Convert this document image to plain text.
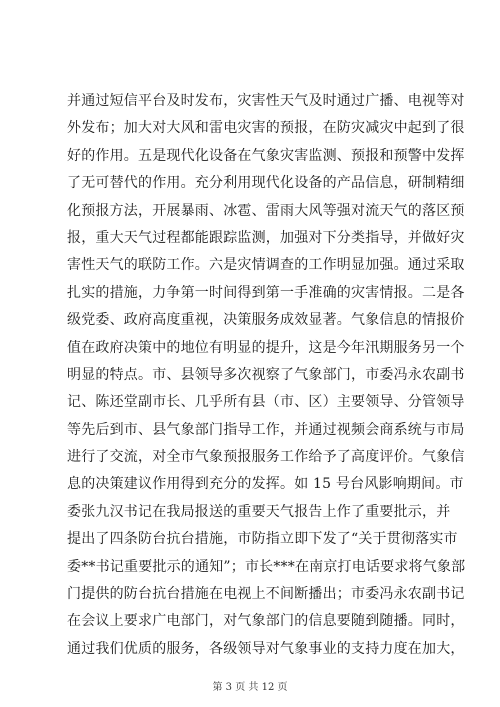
并通过短信平台及时发布，灾害性天气及时通过广播、电视等对
外发布；加大对大风和雷电灾害的预报，在防灾减灾中起到了很
好的作用。五是现代化设备在气象灾害监测、预报和预警中发挥
了无可替代的作用。充分利用现代化设备的产品信息，研制精细
化预报方法，开展暴雨、冰雹、雷雨大风等强对流天气的落区预
报，重大天气过程都能跟踪监测，加强对下分类指导，并做好灾
害性天气的联防工作。六是灾情调查的工作明显加强。通过采取
扎实的措施，力争第一时间得到第一手准确的灾害情报。二是各
级党委、政府高度重视，决策服务成效显著。气象信息的情报价
值在政府决策中的地位有明显的提升，这是今年汛期服务另一个
明显的特点。市、县领导多次视察了气象部门，市委冯永农副书
记、陈还堂副市长、几乎所有县（市、区）主要领导、分管领导
等先后到市、县气象部门指导工作，并通过视频会商系统与市局
进行了交流，对全市气象预报服务工作给予了高度评价。气象信
息的决策建议作用得到充分的发挥。如 15 号台风影响期间。市
委张九汉书记在我局报送的重要天气报告上作了重要批示，并
提出了四条防台抗台措施，市防指立即下发了“关于贯彻落实市
委**书记重要批示的通知”；市长***在南京打电话要求将气象部
门提供的防台抗台措施在电视上不间断播出；市委冯永农副书记
在会议上要求广电部门，对气象部门的信息要随到随播。同时，
通过我们优质的服务，各级领导对气象事业的支持力度在加大，
第 3 页 共 12 页
